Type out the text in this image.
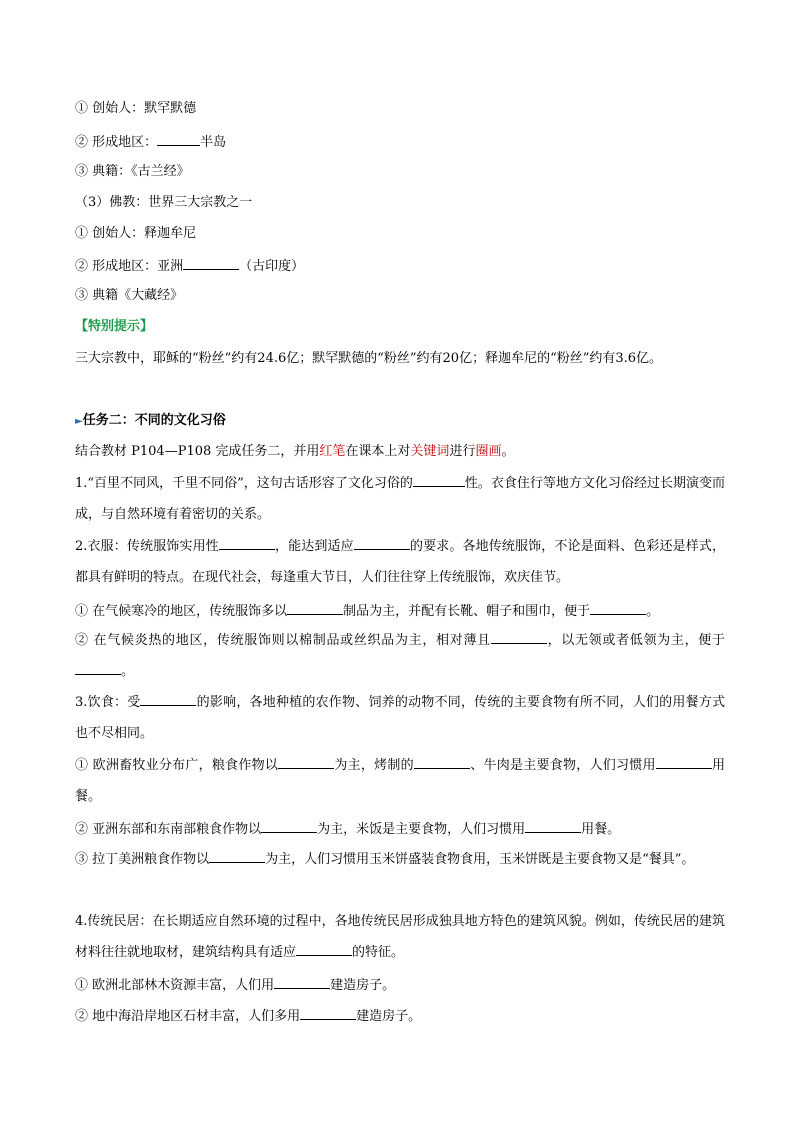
① 创始人：默罕默德
② 形成地区：	半岛
③ 典籍：《古兰经》
（3）佛教：世界三大宗教之一
① 创始人：释迦牟尼
② 形成地区：亚洲	（古印度）
③ 典籍《大藏经》
【特别提示】
三大宗教中，耶稣的“粉丝”约有24.6亿；默罕默德的“粉丝”约有20亿；释迦牟尼的“粉丝”约有3.6亿。
►任务二：不同的文化习俗
结合教材 P104—P108 完成任务二，并用红笔在课本上对关键词进行圈画。
1.“百里不同风，千里不同俗”，这句古话形容了文化习俗的	性。衣食住行等地方文化习俗经过长期演变而成，与自然环境有着密切的关系。
2.衣服：传统服饰实用性	，能达到适应	的要求。各地传统服饰，不论是面料、色彩还是样式，都具有鲜明的特点。在现代社会，每逢重大节日，人们往往穿上传统服饰，欢庆佳节。
① 在气候寒冷的地区，传统服饰多以	制品为主，并配有长靴、帽子和围巾，便于	。
② 在气候炎热的地区，传统服饰则以棉制品或丝织品为主，相对薄且	，以无领或者低领为主，便于。
3.饮食：受	的影响，各地种植的农作物、饲养的动物不同，传统的主要食物有所不同，人们的用餐方式也不尽相同。
① 欧洲畜牧业分布广，粮食作物以	为主，烤制的	、牛肉是主要食物，人们习惯用	用餐。
② 亚洲东部和东南部粮食作物以	为主，米饭是主要食物，人们习惯用	用餐。
③ 拉丁美洲粮食作物以	为主，人们习惯用玉米饼盛装食物食用，玉米饼既是主要食物又是“餐具”。
4.传统民居：在长期适应自然环境的过程中，各地传统民居形成独具地方特色的建筑风貌。例如，传统民居的建筑材料往往就地取材，建筑结构具有适应	的特征。
① 欧洲北部林木资源丰富，人们用	建造房子。
② 地中海沿岸地区石材丰富，人们多用	建造房子。
